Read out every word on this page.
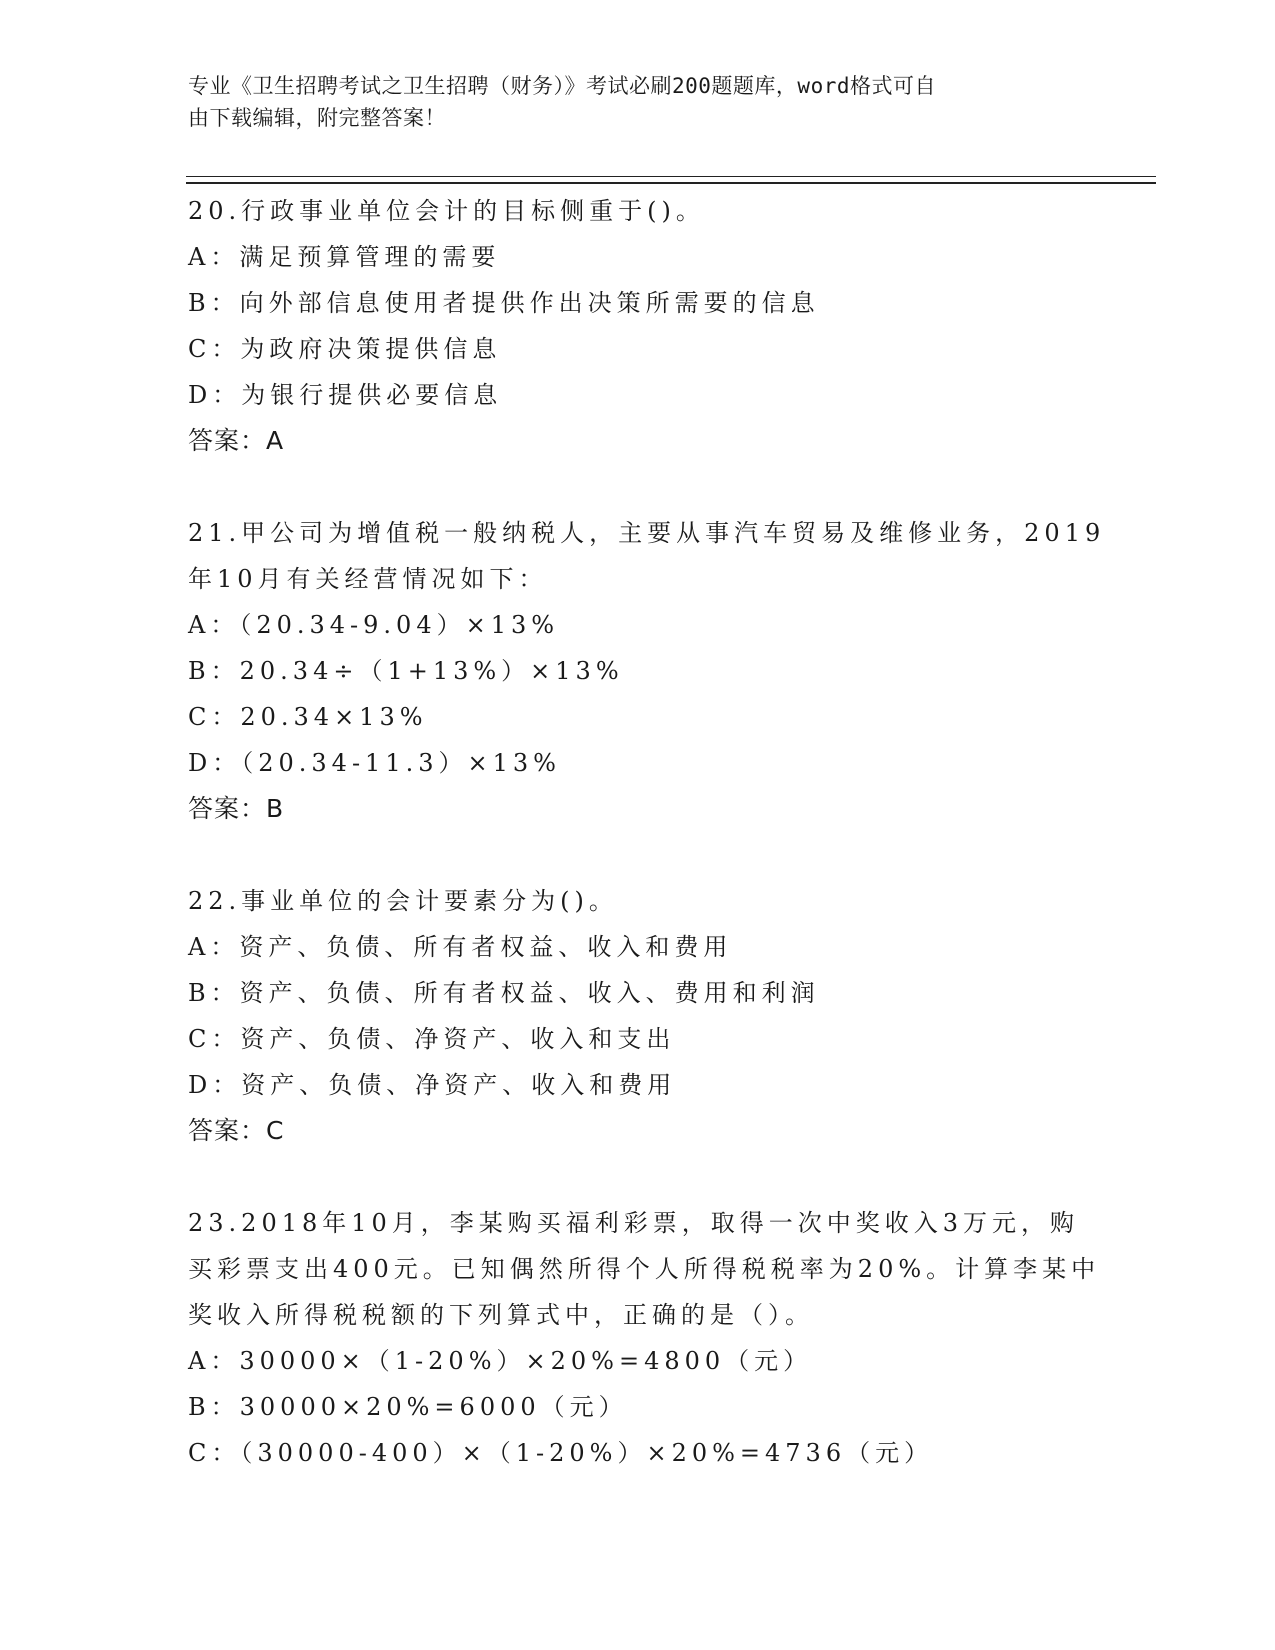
专业《卫生招聘考试之卫生招聘（财务）》考试必刷200题题库，word格式可自
由下载编辑，附完整答案！
20.行政事业单位会计的目标侧重于()。
A：满足预算管理的需要
B：向外部信息使用者提供作出决策所需要的信息
C：为政府决策提供信息
D：为银行提供必要信息
答案：A
21.甲公司为增值税一般纳税人，主要从事汽车贸易及维修业务，2019
年10月有关经营情况如下：
A：（20.34-9.04）×13%
B：20.34÷（1+13%）×13%
C：20.34×13%
D：（20.34-11.3）×13%
答案：B
22.事业单位的会计要素分为()。
A：资产、负债、所有者权益、收入和费用
B：资产、负债、所有者权益、收入、费用和利润
C：资产、负债、净资产、收入和支出
D：资产、负债、净资产、收入和费用
答案：C
23.2018年10月，李某购买福利彩票，取得一次中奖收入3万元，购
买彩票支出400元。已知偶然所得个人所得税税率为20%。计算李某中
奖收入所得税税额的下列算式中，正确的是（）。
A：30000×（1-20%）×20%=4800（元）
B：30000×20%=6000（元）
C：（30000-400）×（1-20%）×20%=4736（元）
